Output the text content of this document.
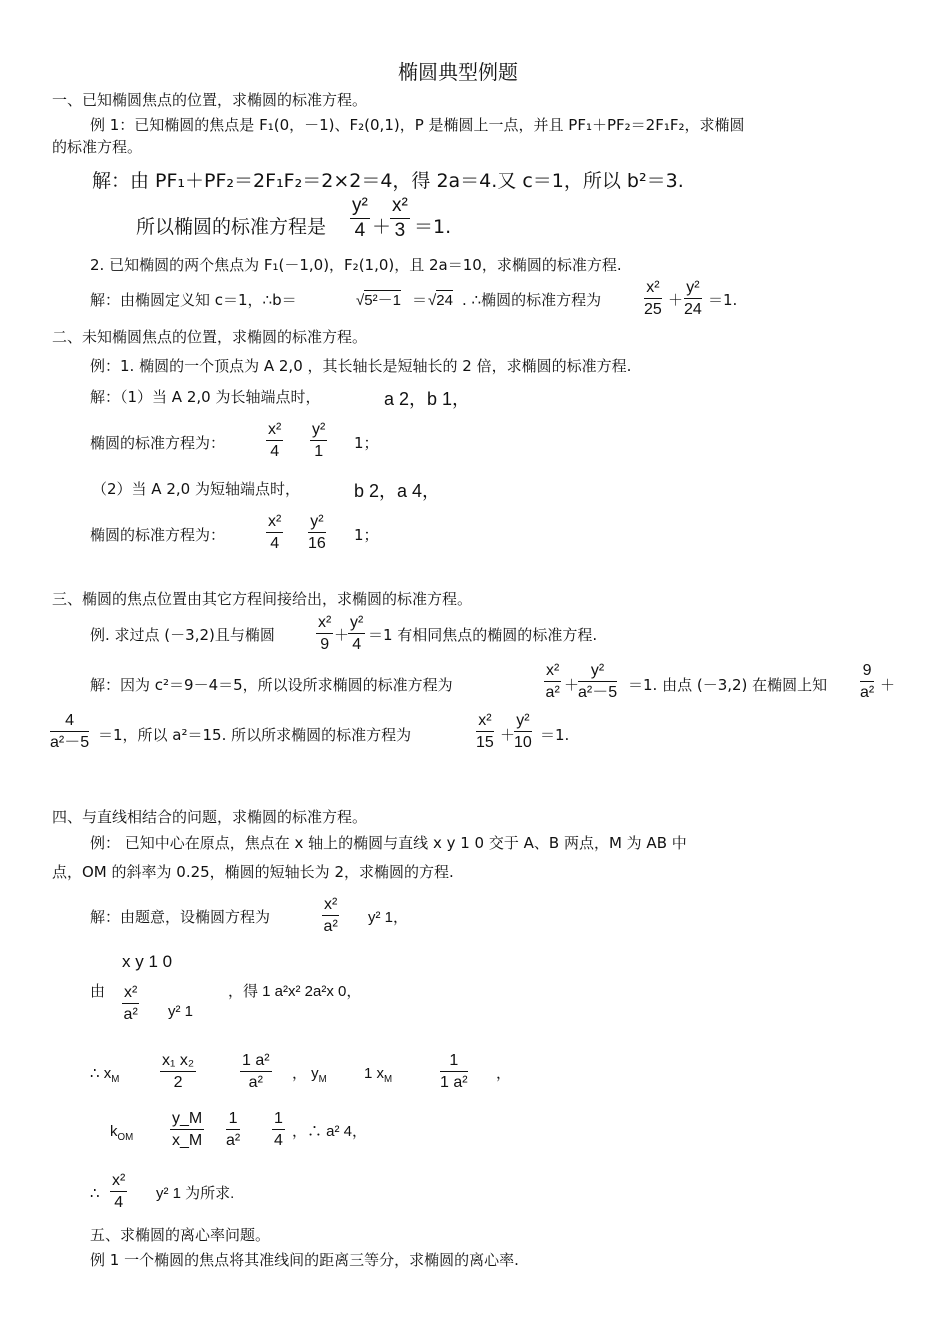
椭圆典型例题
一、已知椭圆焦点的位置，求椭圆的标准方程。
例 1：已知椭圆的焦点是 F₁(0，－1)、F₂(0,1)，P 是椭圆上一点，并且 PF₁＋PF₂＝2F₁F₂，求椭圆
的标准方程。
解：由 PF₁＋PF₂＝2F₁F₂＝2×2＝4，得 2a＝4.又 c＝1，所以 b²＝3.
所以椭圆的标准方程是 $\frac{\text{y²}}{4}$ ＋
$\frac{\text{x²}}{3} =1$.
2. 已知椭圆的两个焦点为 F₁(－1,0)，F₂(1,0)，且 2a＝10，求椭圆的标准方程.
解：由椭圆定义知 c＝1，∴b＝	√5²－1 ＝ √24 . ∴椭圆的标准方程为	$\frac{\text{x²}}{25} + \frac{\text{y²}}{24} =1$.
二、未知椭圆焦点的位置，求椭圆的标准方程。
例：1. 椭圆的一个顶点为 A 2,0 ，其长轴长是短轴长的 2 倍，求椭圆的标准方程.
解：（1）当 A 2,0 为长轴端点时，	a 2，b 1，
椭圆的标准方程为：	$\frac{\text{x²}}{4} \frac{\text{y²}}{1} 1$；
（2）当 A 2,0 为短轴端点时，	b 2，a 4，
椭圆的标准方程为：	$\frac{\text{x²}}{4} \frac{\text{y²}}{16} 1$；
三、椭圆的焦点位置由其它方程间接给出，求椭圆的标准方程。
例. 求过点 (－3,2)且与椭圆	$\frac{\text{x²}}{9}$ ＋
$\frac{\text{y²}}{4} =1$ 有相同焦点的椭圆的标准方程.
解：因为 c²＝9－4＝5，所以设所求椭圆的标准方程为	$\frac{\text{x²}}{\text{a²}}$ ＋
$\frac{\text{y²}}{\text{a²－5}} =1$. 由点 (－3,2) 在椭圆上知 $\frac{9}{\text{a²}}$ ＋
$\frac{4}{\text{a²－5}} =1$，所以 a²＝15. 所以所求椭圆的标准方程为	$\frac{\text{x²}}{15}$ ＋
$\frac{\text{y²}}{10} =1$.
四、与直线相结合的问题，求椭圆的标准方程。
例： 已知中心在原点，焦点在 x 轴上的椭圆与直线 x y 1 0 交于 A、B 两点，M 为 AB 中
点，OM 的斜率为 0.25，椭圆的短轴长为 2，求椭圆的方程.
解：由题意，设椭圆方程为	$\frac{\text{x²}}{\text{a²}} y^2$ 1，
x y 1 0
由 $\frac{\text{x²}}{\text{a²}} y^2$ 1
，得 1 a²x² 2a²x 0，
∴ $x_M$	$\frac{\text{x₁ x₂}}{2}$	$\frac{\text{1 a²}}{\text{a²}}$ ， $y_M$ 1 $x_M$	$\frac{1}{\text{1 a²}}$ ，
$k_{OM} \frac{y\_M}{x\_M} \frac{1}{\text{a²}} \frac{1}{4}$ ，∴ a² 4，
∴ $\frac{\text{x²}}{4} y^2$ 1 为所求.
五、求椭圆的离心率问题。
例 1 一个椭圆的焦点将其准线间的距离三等分，求椭圆的离心率.
